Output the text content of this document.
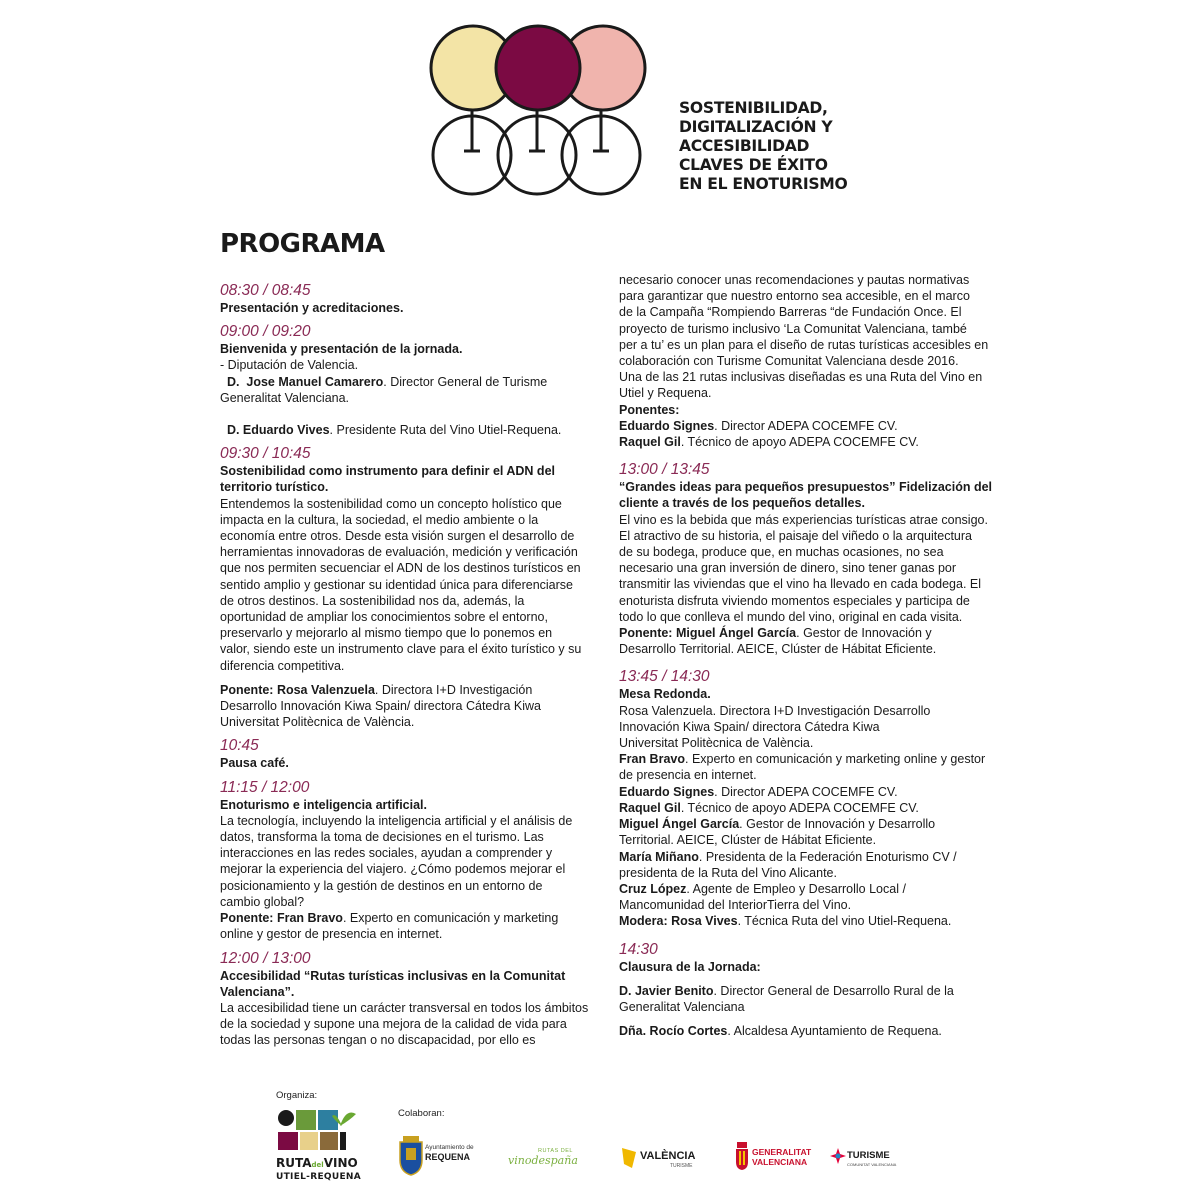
SOSTENIBILIDAD,
DIGITALIZACIÓN Y
ACCESIBILIDAD
CLAVES DE ÉXITO
EN EL ENOTURISMO
PROGRAMA
08:30 / 08:45
Presentación y acreditaciones.
09:00 / 09:20
Bienvenida y presentación de la jornada.
- Diputación de Valencia.
D.  Jose Manuel Camarero. Director General de Turisme
Generalitat Valenciana.
D. Eduardo Vives. Presidente Ruta del Vino Utiel-Requena.
09:30 / 10:45
Sostenibilidad como instrumento para definir el ADN del
territorio turístico.
Entendemos la sostenibilidad como un concepto holístico que
impacta en la cultura, la sociedad, el medio ambiente o la
economía entre otros. Desde esta visión surgen el desarrollo de
herramientas innovadoras de evaluación, medición y verificación
que nos permiten secuenciar el ADN de los destinos turísticos en
sentido amplio y gestionar su identidad única para diferenciarse
de otros destinos. La sostenibilidad nos da, además, la
oportunidad de ampliar los conocimientos sobre el entorno,
preservarlo y mejorarlo al mismo tiempo que lo ponemos en
valor, siendo este un instrumento clave para el éxito turístico y su
diferencia competitiva.
Ponente: Rosa Valenzuela. Directora I+D Investigación
Desarrollo Innovación Kiwa Spain/ directora Cátedra Kiwa
Universitat Politècnica de València.
10:45
Pausa café.
11:15 / 12:00
Enoturismo e inteligencia artificial.
La tecnología, incluyendo la inteligencia artificial y el análisis de
datos, transforma la toma de decisiones en el turismo. Las
interacciones en las redes sociales, ayudan a comprender y
mejorar la experiencia del viajero. ¿Cómo podemos mejorar el
posicionamiento y la gestión de destinos en un entorno de
cambio global?
Ponente: Fran Bravo. Experto en comunicación y marketing
online y gestor de presencia en internet.
12:00 / 13:00
Accesibilidad “Rutas turísticas inclusivas en la Comunitat
Valenciana”.
La accesibilidad tiene un carácter transversal en todos los ámbitos
de la sociedad y supone una mejora de la calidad de vida para
todas las personas tengan o no discapacidad, por ello es
necesario conocer unas recomendaciones y pautas normativas
para garantizar que nuestro entorno sea accesible, en el marco
de la Campaña “Rompiendo Barreras “de Fundación Once. El
proyecto de turismo inclusivo ‘La Comunitat Valenciana, també
per a tu’ es un plan para el diseño de rutas turísticas accesibles en
colaboración con Turisme Comunitat Valenciana desde 2016.
Una de las 21 rutas inclusivas diseñadas es una Ruta del Vino en
Utiel y Requena.
Ponentes:
Eduardo Signes. Director ADEPA COCEMFE CV.
Raquel Gil. Técnico de apoyo ADEPA COCEMFE CV.
13:00 / 13:45
“Grandes ideas para pequeños presupuestos” Fidelización del
cliente a través de los pequeños detalles.
El vino es la bebida que más experiencias turísticas atrae consigo.
El atractivo de su historia, el paisaje del viñedo o la arquitectura
de su bodega, produce que, en muchas ocasiones, no sea
necesario una gran inversión de dinero, sino tener ganas por
transmitir las viviendas que el vino ha llevado en cada bodega. El
enoturista disfruta viviendo momentos especiales y participa de
todo lo que conlleva el mundo del vino, original en cada visita.
Ponente: Miguel Ángel García. Gestor de Innovación y
Desarrollo Territorial. AEICE, Clúster de Hábitat Eficiente.
13:45 / 14:30
Mesa Redonda.
Rosa Valenzuela. Directora I+D Investigación Desarrollo
Innovación Kiwa Spain/ directora Cátedra Kiwa
Universitat Politècnica de València.
Fran Bravo. Experto en comunicación y marketing online y gestor
de presencia en internet.
Eduardo Signes. Director ADEPA COCEMFE CV.
Raquel Gil. Técnico de apoyo ADEPA COCEMFE CV.
Miguel Ángel García. Gestor de Innovación y Desarrollo
Territorial. AEICE, Clúster de Hábitat Eficiente.
María Miñano. Presidenta de la Federación Enoturismo CV /
presidenta de la Ruta del Vino Alicante.
Cruz López. Agente de Empleo y Desarrollo Local /
Mancomunidad del InteriorTierra del Vino.
Modera: Rosa Vives. Técnica Ruta del vino Utiel-Requena.
14:30
Clausura de la Jornada:
D. Javier Benito. Director General de Desarrollo Rural de la
Generalitat Valenciana
Dña. Rocío Cortes. Alcaldesa Ayuntamiento de Requena.
Organiza:
Colaboran:
RUTAdelVINO
UTIEL-REQUENA
Ayuntamiento de
REQUENA
RUTAS DEL
vinodespaña	VALÈNCIA
TURISME
GENERALITAT
VALENCIANA
TURISME
COMUNITAT VALENCIANA
